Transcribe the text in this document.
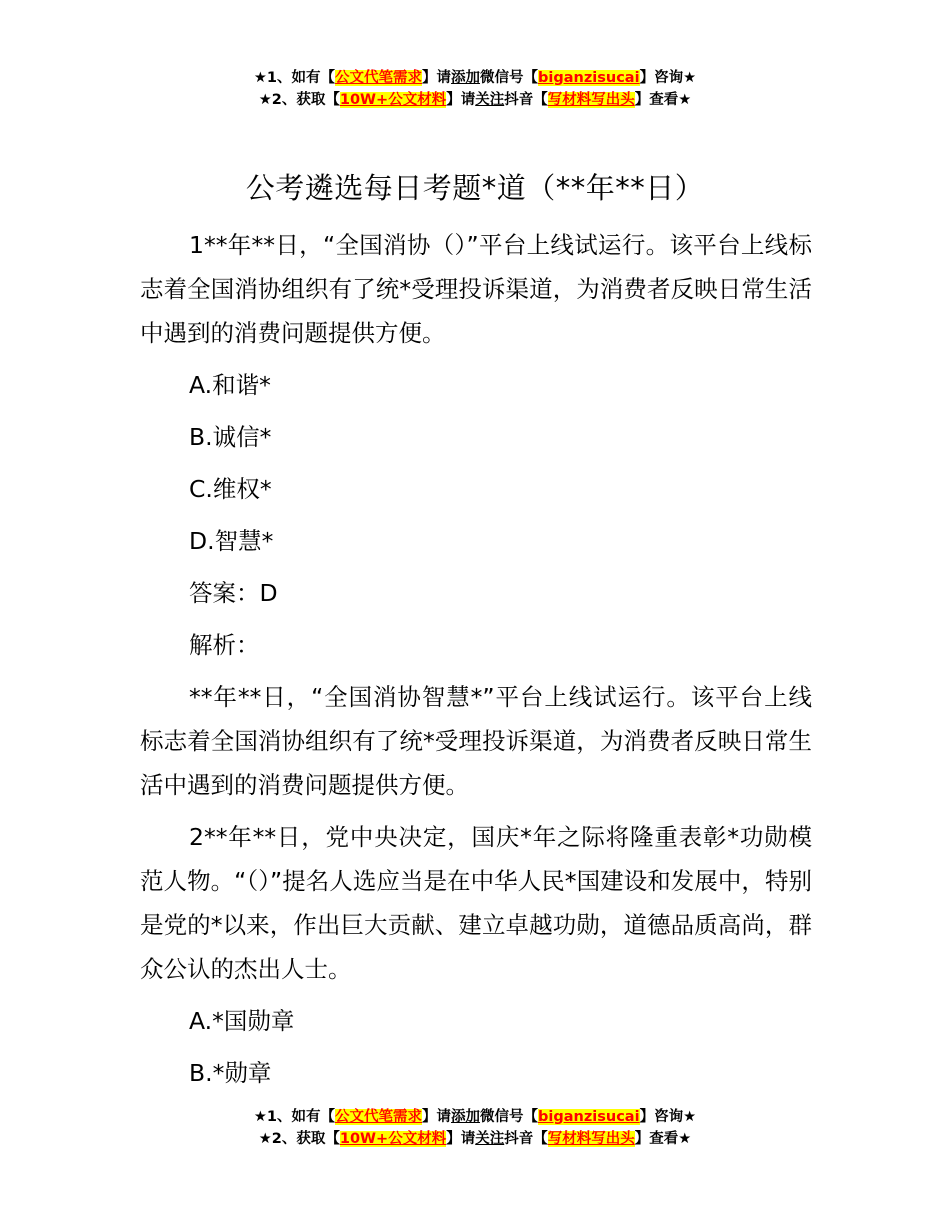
★1、如有【公文代笔需求】请添加微信号【biganzisucai】咨询★
★2、获取【10W+公文材料】请关注抖音【写材料写出头】查看★
公考遴选每日考题*道（**年**日）

1**年**日，“全国消协（）”平台上线试运行。该平台上线标志着全国消协组织有了统*受理投诉渠道，为消费者反映日常生活中遇到的消费问题提供方便。

A.和谐*

B.诚信*

C.维权*

D.智慧*

答案：D

解析：

**年**日，“全国消协智慧*”平台上线试运行。该平台上线标志着全国消协组织有了统*受理投诉渠道，为消费者反映日常生活中遇到的消费问题提供方便。

2**年**日，党中央决定，国庆*年之际将隆重表彰*功勋模范人物。“（）”提名人选应当是在中华人民*国建设和发展中，特别是党的*以来，作出巨大贡献、建立卓越功勋，道德品质高尚，群众公认的杰出人士。

A.*国勋章

B.*勋章

★1、如有【公文代笔需求】请添加微信号【biganzisucai】咨询★
★2、获取【10W+公文材料】请关注抖音【写材料写出头】查看★
